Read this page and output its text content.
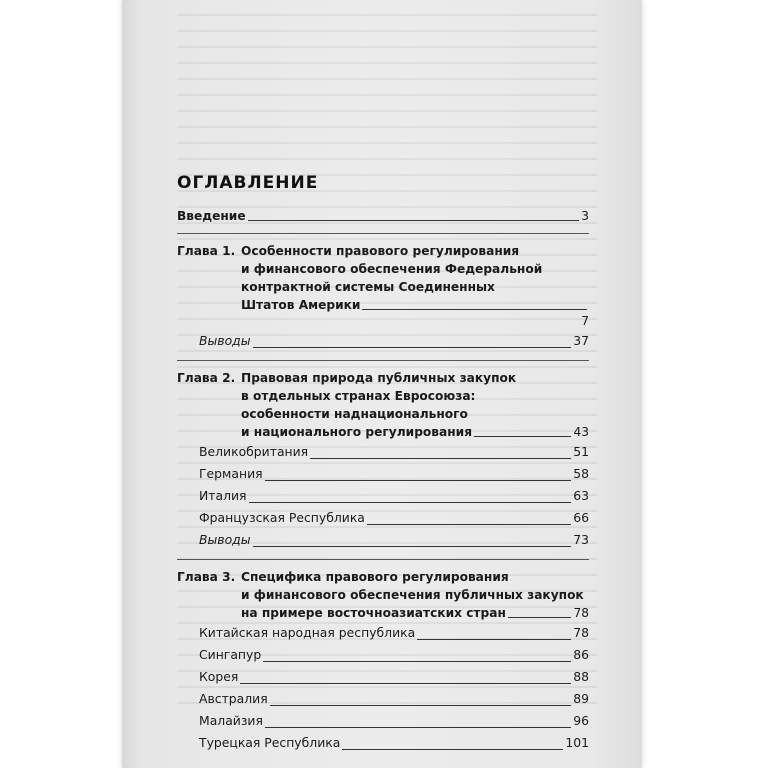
ОГЛАВЛЕНИЕ
Введение	3
Глава 1. Особенности правового регулирования
и финансового обеспечения Федеральной
контрактной системы Соединенных
Штатов Америки
7
Выводы	37
Глава 2. Правовая природа публичных закупок
в отдельных странах Евросоюза:
особенности наднационального
и национального регулирования	43
Великобритания	51
Германия	58
Италия	63
Французская Республика	66
Выводы	73
Глава 3. Специфика правового регулирования
и финансового обеспечения публичных закупок
на примере восточноазиатских стран	78
Китайская народная республика	78
Сингапур	86
Корея	88
Австралия	89
Малайзия	96
Турецкая Республика	101
